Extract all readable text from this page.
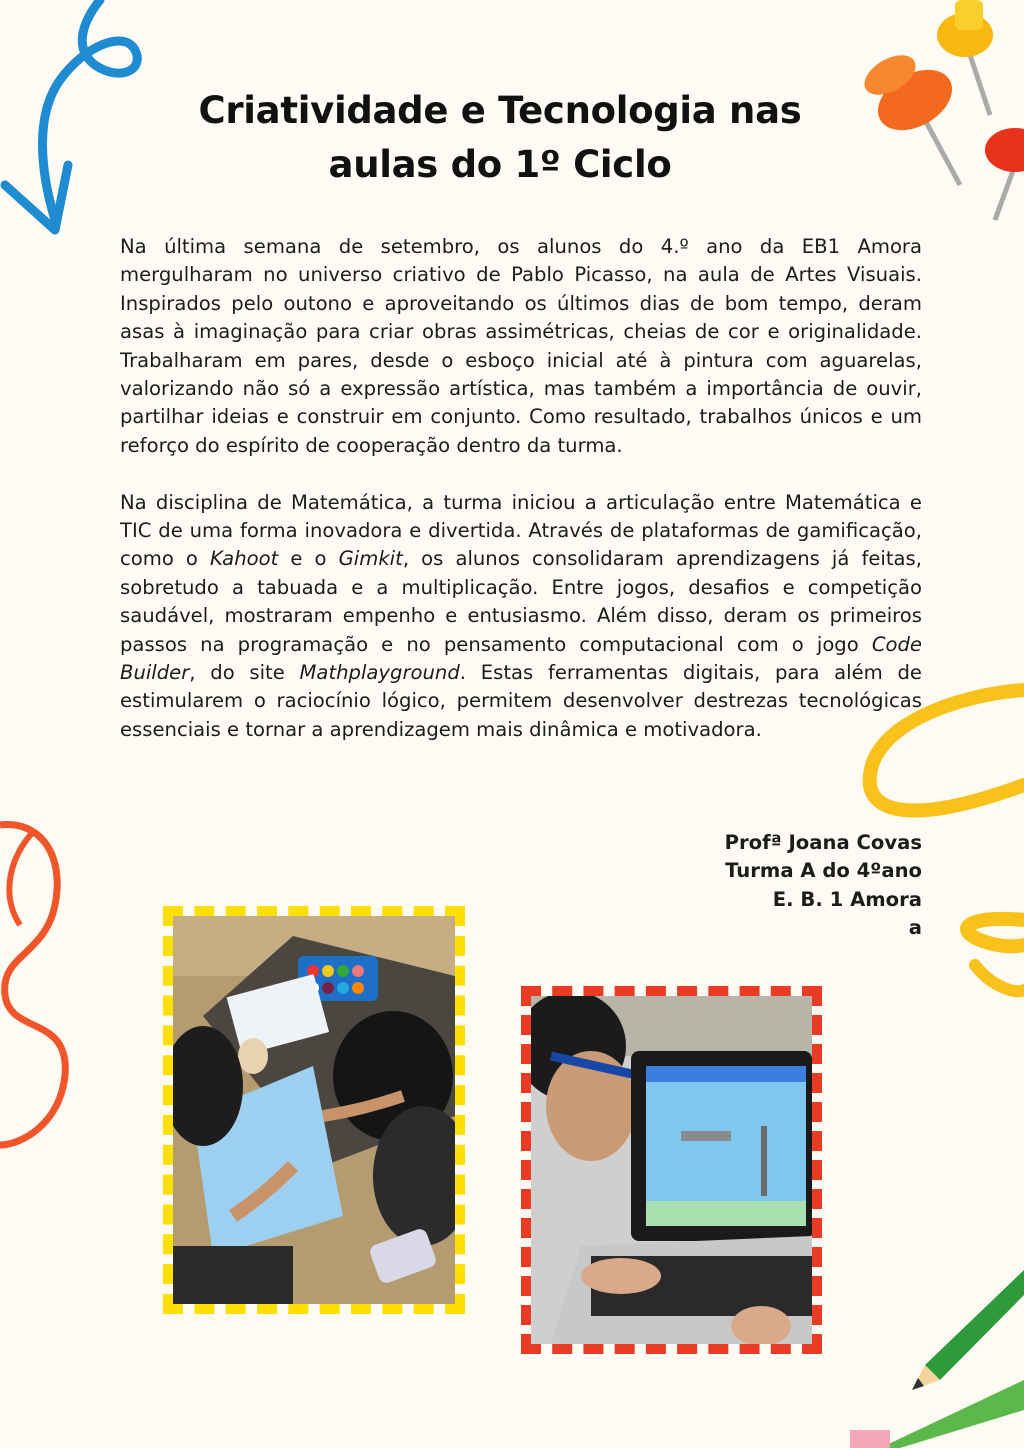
Criatividade e Tecnologia nas
aulas do 1º Ciclo

Na última semana de setembro, os alunos do 4.º ano da EB1 Amora mergulharam no universo criativo de Pablo Picasso, na aula de Artes Visuais. Inspirados pelo outono e aproveitando os últimos dias de bom tempo, deram asas à imaginação para criar obras assimétricas, cheias de cor e originalidade. Trabalharam em pares, desde o esboço inicial até à pintura com aguarelas, valorizando não só a expressão artística, mas também a importância de ouvir, partilhar ideias e construir em conjunto. Como resultado, trabalhos únicos e um reforço do espírito de cooperação dentro da turma.

Na disciplina de Matemática, a turma iniciou a articulação entre Matemática e TIC de uma forma inovadora e divertida. Através de plataformas de gamificação, como o Kahoot e o Gimkit, os alunos consolidaram aprendizagens já feitas, sobretudo a tabuada e a multiplicação. Entre jogos, desafios e competição saudável, mostraram empenho e entusiasmo. Além disso, deram os primeiros passos na programação e no pensamento computacional com o jogo Code Builder, do site Mathplayground. Estas ferramentas digitais, para além de estimularem o raciocínio lógico, permitem desenvolver destrezas tecnológicas essenciais e tornar a aprendizagem mais dinâmica e motivadora.

Profª Joana Covas
Turma A do 4ºano
E. B. 1 Amora
a
